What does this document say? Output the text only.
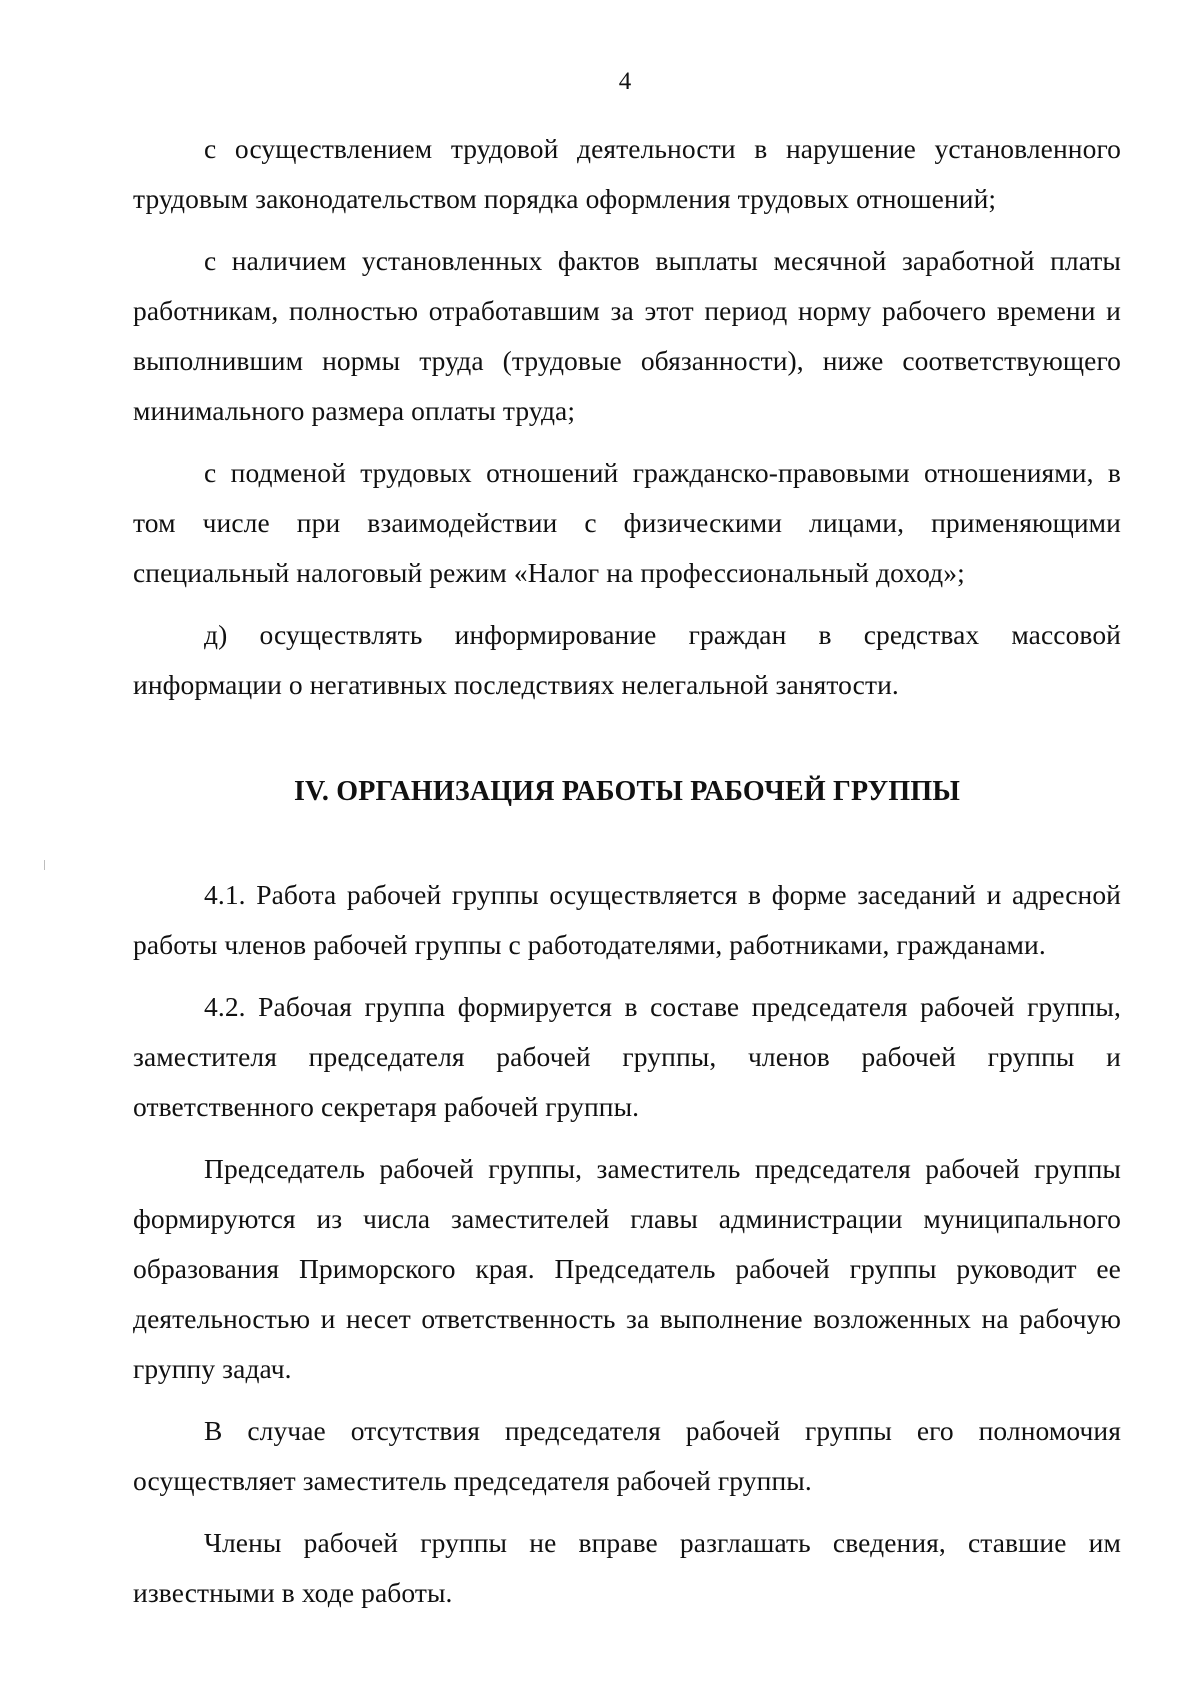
4

с осуществлением трудовой деятельности в нарушение установленного трудовым законодательством порядка оформления трудовых отношений;

с наличием установленных фактов выплаты месячной заработной платы работникам, полностью отработавшим за этот период норму рабочего времени и выполнившим нормы труда (трудовые обязанности), ниже соответствующего минимального размера оплаты труда;

с подменой трудовых отношений гражданско-правовыми отношениями, в том числе при взаимодействии с физическими лицами, применяющими специальный налоговый режим «Налог на профессиональный доход»;

д) осуществлять информирование граждан в средствах массовой информации о негативных последствиях нелегальной занятости.

IV. ОРГАНИЗАЦИЯ РАБОТЫ РАБОЧЕЙ ГРУППЫ

4.1. Работа рабочей группы осуществляется в форме заседаний и адресной работы членов рабочей группы с работодателями, работниками, гражданами.

4.2. Рабочая группа формируется в составе председателя рабочей группы, заместителя председателя рабочей группы, членов рабочей группы и ответственного секретаря рабочей группы.

Председатель рабочей группы, заместитель председателя рабочей группы формируются из числа заместителей главы администрации муниципального образования Приморского края. Председатель рабочей группы руководит ее деятельностью и несет ответственность за выполнение возложенных на рабочую группу задач.

В случае отсутствия председателя рабочей группы его полномочия осуществляет заместитель председателя рабочей группы.

Члены рабочей группы не вправе разглашать сведения, ставшие им известными в ходе работы.
